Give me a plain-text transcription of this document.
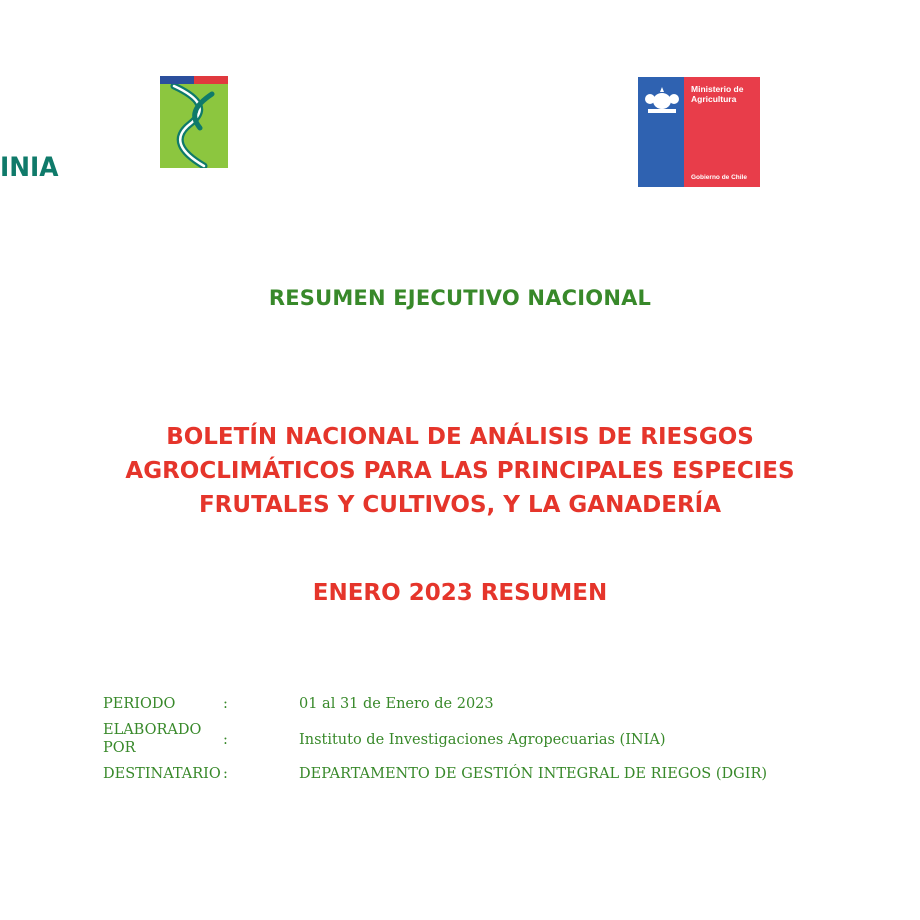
INIA
Ministerio de
Agricultura
Gobierno de Chile
RESUMEN EJECUTIVO NACIONAL
BOLETÍN NACIONAL DE ANÁLISIS DE RIESGOS
AGROCLIMÁTICOS PARA LAS PRINCIPALES ESPECIES
FRUTALES Y CULTIVOS, Y LA GANADERÍA
ENERO 2023 RESUMEN
PERIODO	:	01 al 31 de Enero de 2023
ELABORADO POR	:	Instituto de Investigaciones Agropecuarias (INIA)
DESTINATARIO :	DEPARTAMENTO DE GESTIÓN INTEGRAL DE RIEGOS (DGIR)
